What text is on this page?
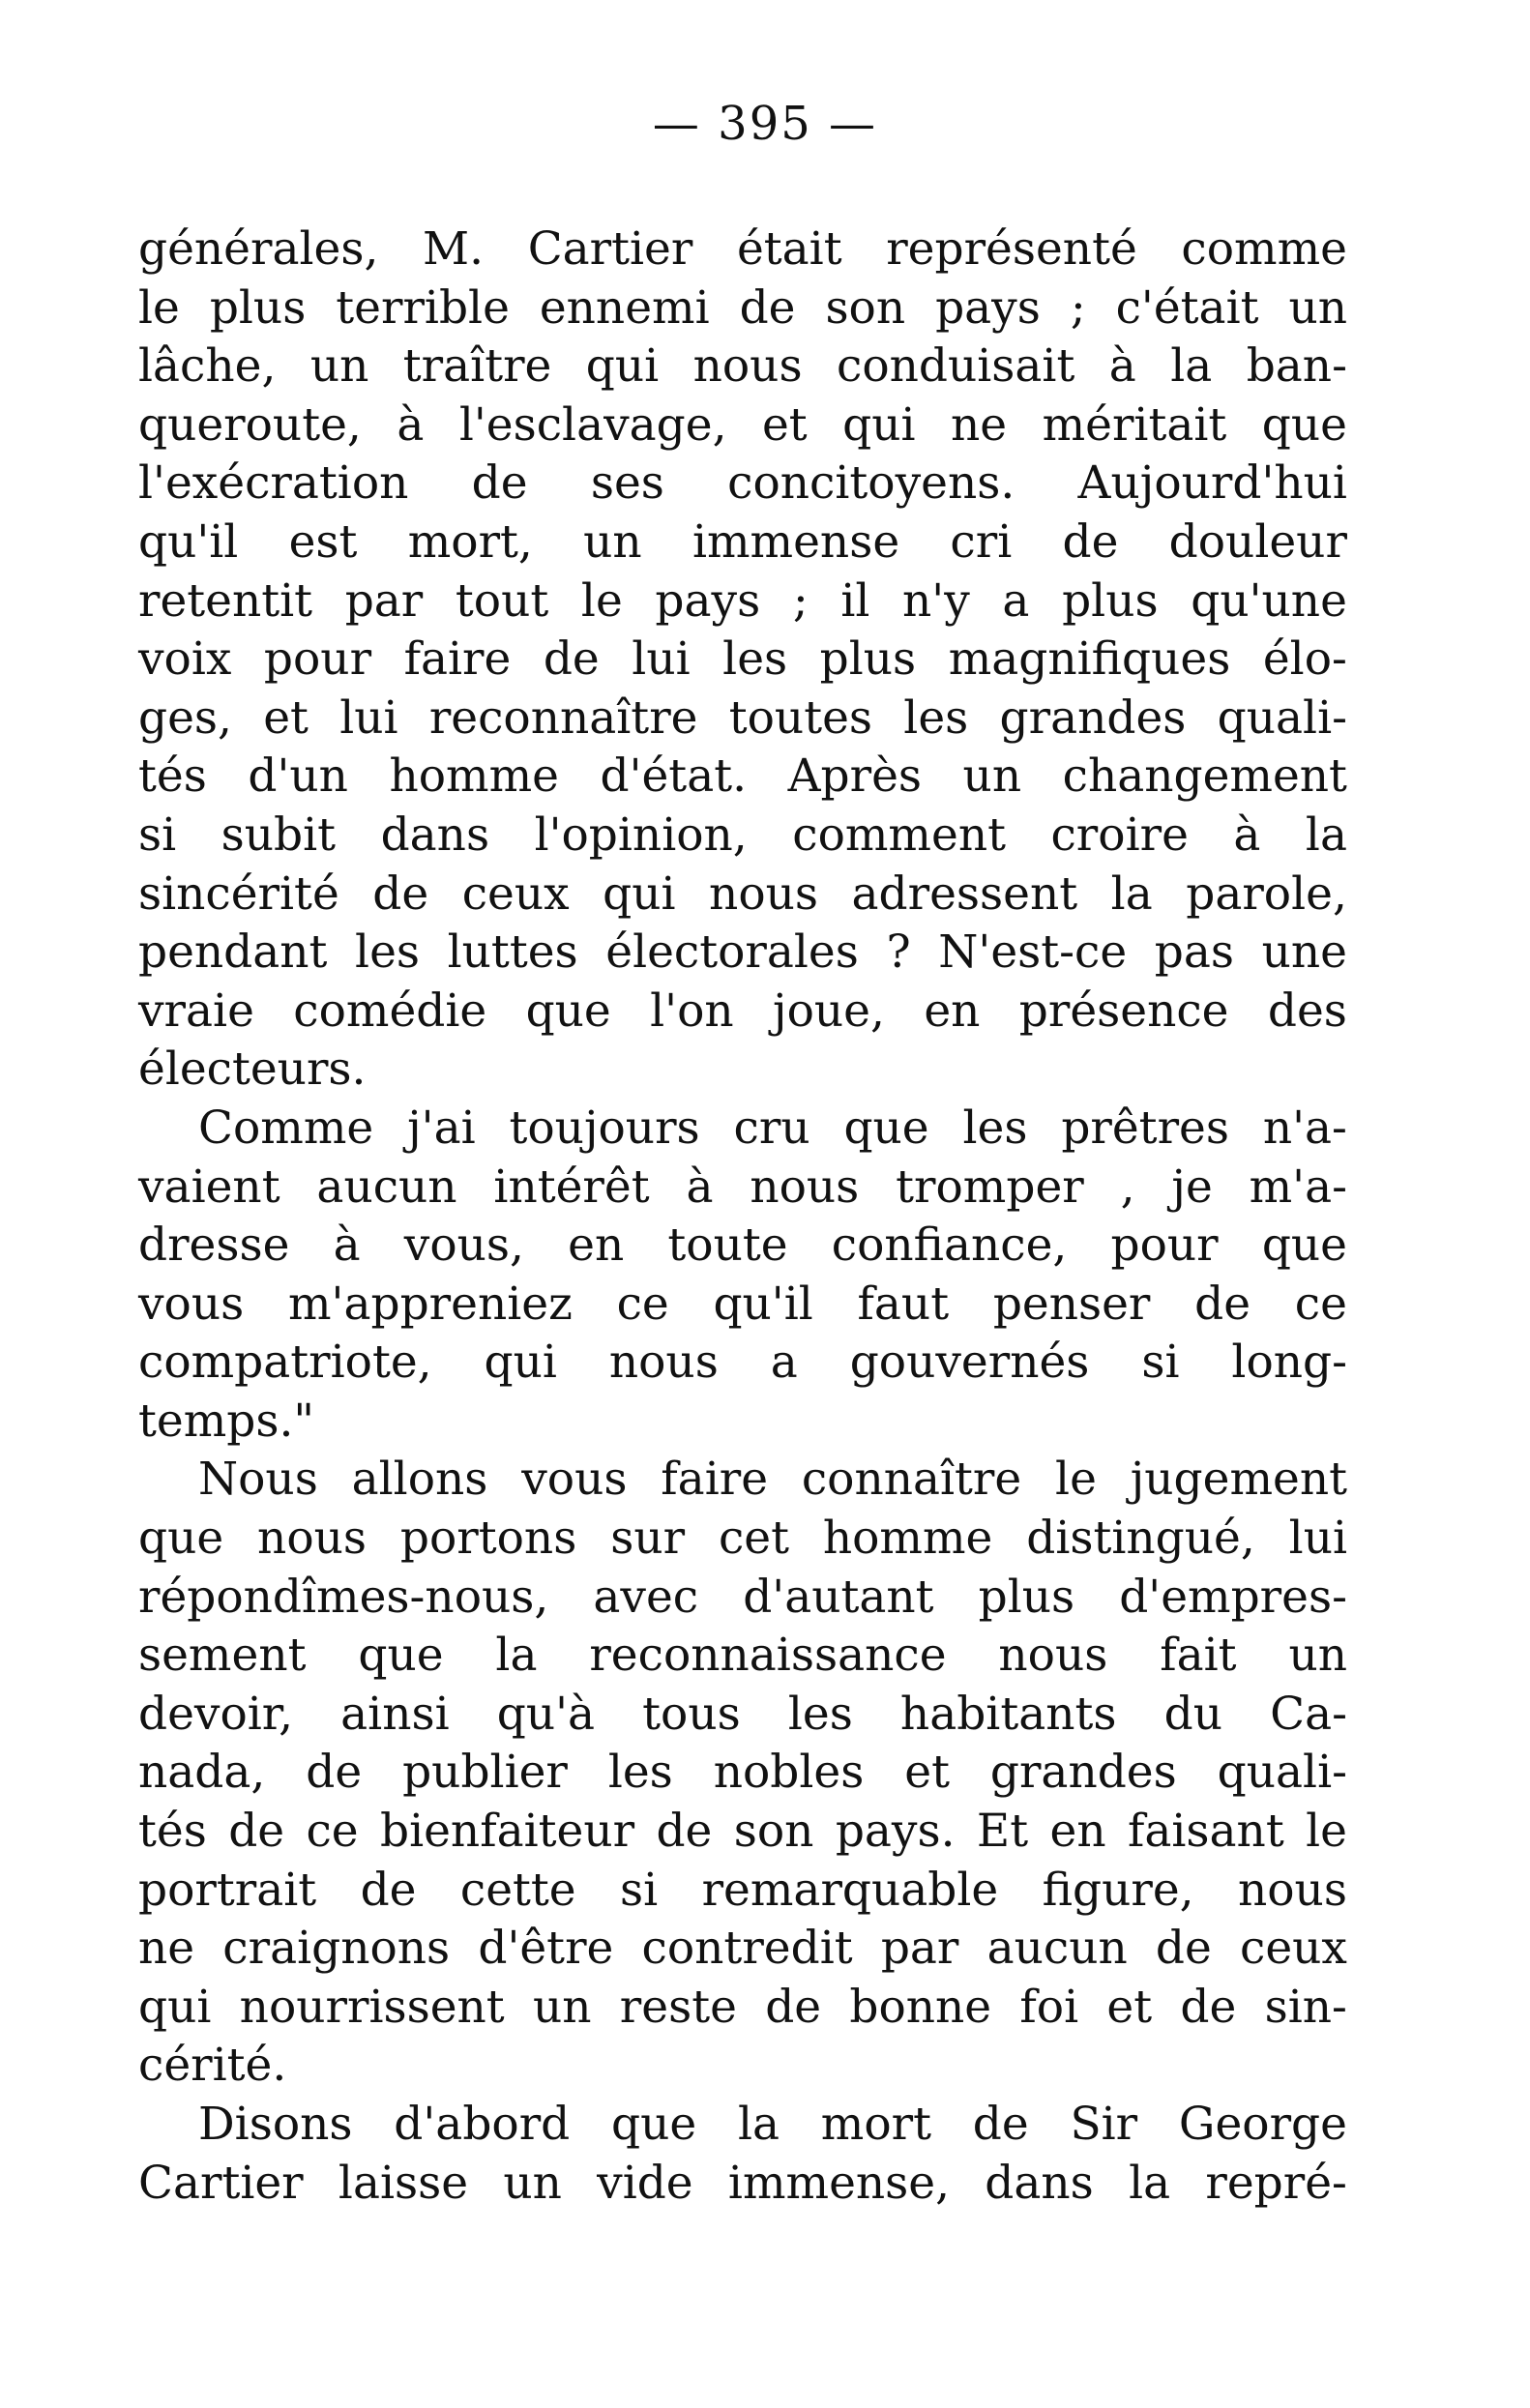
— 395 —
générales, M. Cartier était représenté comme
le plus terrible ennemi de son pays ; c'était un
lâche, un traître qui nous conduisait à la ban-
queroute, à l'esclavage, et qui ne méritait que
l'exécration de ses concitoyens. Aujourd'hui
qu'il est mort, un immense cri de douleur
retentit par tout le pays ; il n'y a plus qu'une
voix pour faire de lui les plus magnifiques élo-
ges, et lui reconnaître toutes les grandes quali-
tés d'un homme d'état. Après un changement
si subit dans l'opinion, comment croire à la
sincérité de ceux qui nous adressent la parole,
pendant les luttes électorales ? N'est-ce pas une
vraie comédie que l'on joue, en présence des
électeurs.
Comme j'ai toujours cru que les prêtres n'a-
vaient aucun intérêt à nous tromper , je m'a-
dresse à vous, en toute confiance, pour que
vous m'appreniez ce qu'il faut penser de ce
compatriote, qui nous a gouvernés si long-
temps."
Nous allons vous faire connaître le jugement
que nous portons sur cet homme distingué, lui
répondîmes-nous, avec d'autant plus d'empres-
sement que la reconnaissance nous fait un
devoir, ainsi qu'à tous les habitants du Ca-
nada, de publier les nobles et grandes quali-
tés de ce bienfaiteur de son pays. Et en faisant le
portrait de cette si remarquable figure, nous
ne craignons d'être contredit par aucun de ceux
qui nourrissent un reste de bonne foi et de sin-
cérité.
Disons d'abord que la mort de Sir George
Cartier laisse un vide immense, dans la repré-
